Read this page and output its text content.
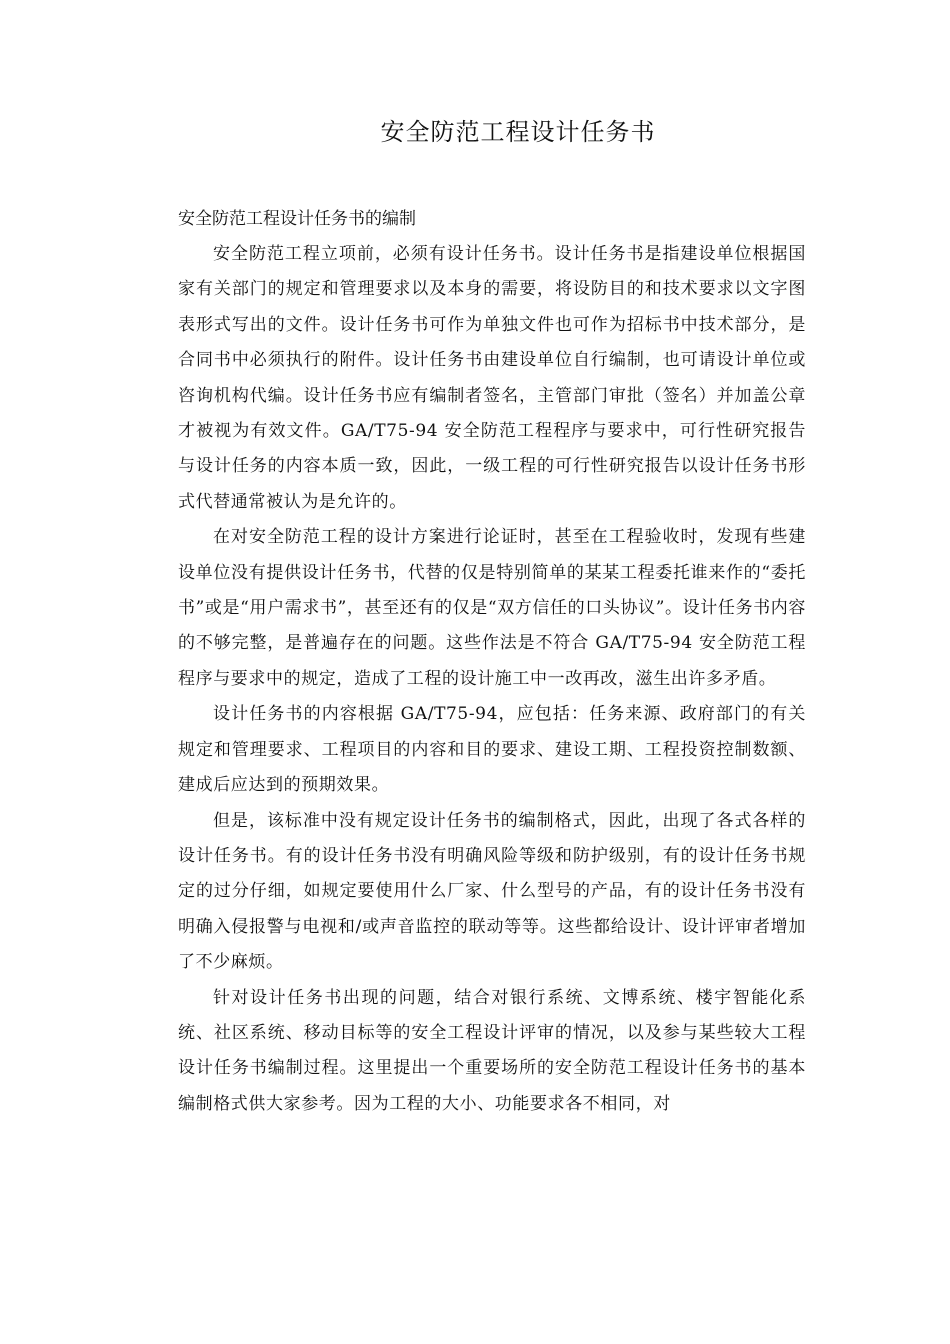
安全防范工程设计任务书
安全防范工程设计任务书的编制

安全防范工程立项前，必须有设计任务书。设计任务书是指建设单位根据国家有关部门的规定和管理要求以及本身的需要，将设防目的和技术要求以文字图表形式写出的文件。设计任务书可作为单独文件也可作为招标书中技术部分，是合同书中必须执行的附件。设计任务书由建设单位自行编制，也可请设计单位或咨询机构代编。设计任务书应有编制者签名，主管部门审批（签名）并加盖公章才被视为有效文件。GA/T75-94 安全防范工程程序与要求中，可行性研究报告与设计任务的内容本质一致，因此，一级工程的可行性研究报告以设计任务书形式代替通常被认为是允许的。

在对安全防范工程的设计方案进行论证时，甚至在工程验收时，发现有些建设单位没有提供设计任务书，代替的仅是特别简单的某某工程委托谁来作的“委托书”或是“用户需求书”，甚至还有的仅是“双方信任的口头协议”。设计任务书内容的不够完整，是普遍存在的问题。这些作法是不符合 GA/T75-94 安全防范工程程序与要求中的规定，造成了工程的设计施工中一改再改，滋生出许多矛盾。

设计任务书的内容根据 GA/T75-94，应包括：任务来源、政府部门的有关规定和管理要求、工程项目的内容和目的要求、建设工期、工程投资控制数额、建成后应达到的预期效果。

但是，该标准中没有规定设计任务书的编制格式，因此，出现了各式各样的设计任务书。有的设计任务书没有明确风险等级和防护级别，有的设计任务书规定的过分仔细，如规定要使用什么厂家、什么型号的产品，有的设计任务书没有明确入侵报警与电视和/或声音监控的联动等等。这些都给设计、设计评审者增加了不少麻烦。

针对设计任务书出现的问题，结合对银行系统、文博系统、楼宇智能化系统、社区系统、移动目标等的安全工程设计评审的情况，以及参与某些较大工程设计任务书编制过程。这里提出一个重要场所的安全防范工程设计任务书的基本编制格式供大家参考。因为工程的大小、功能要求各不相同，对
